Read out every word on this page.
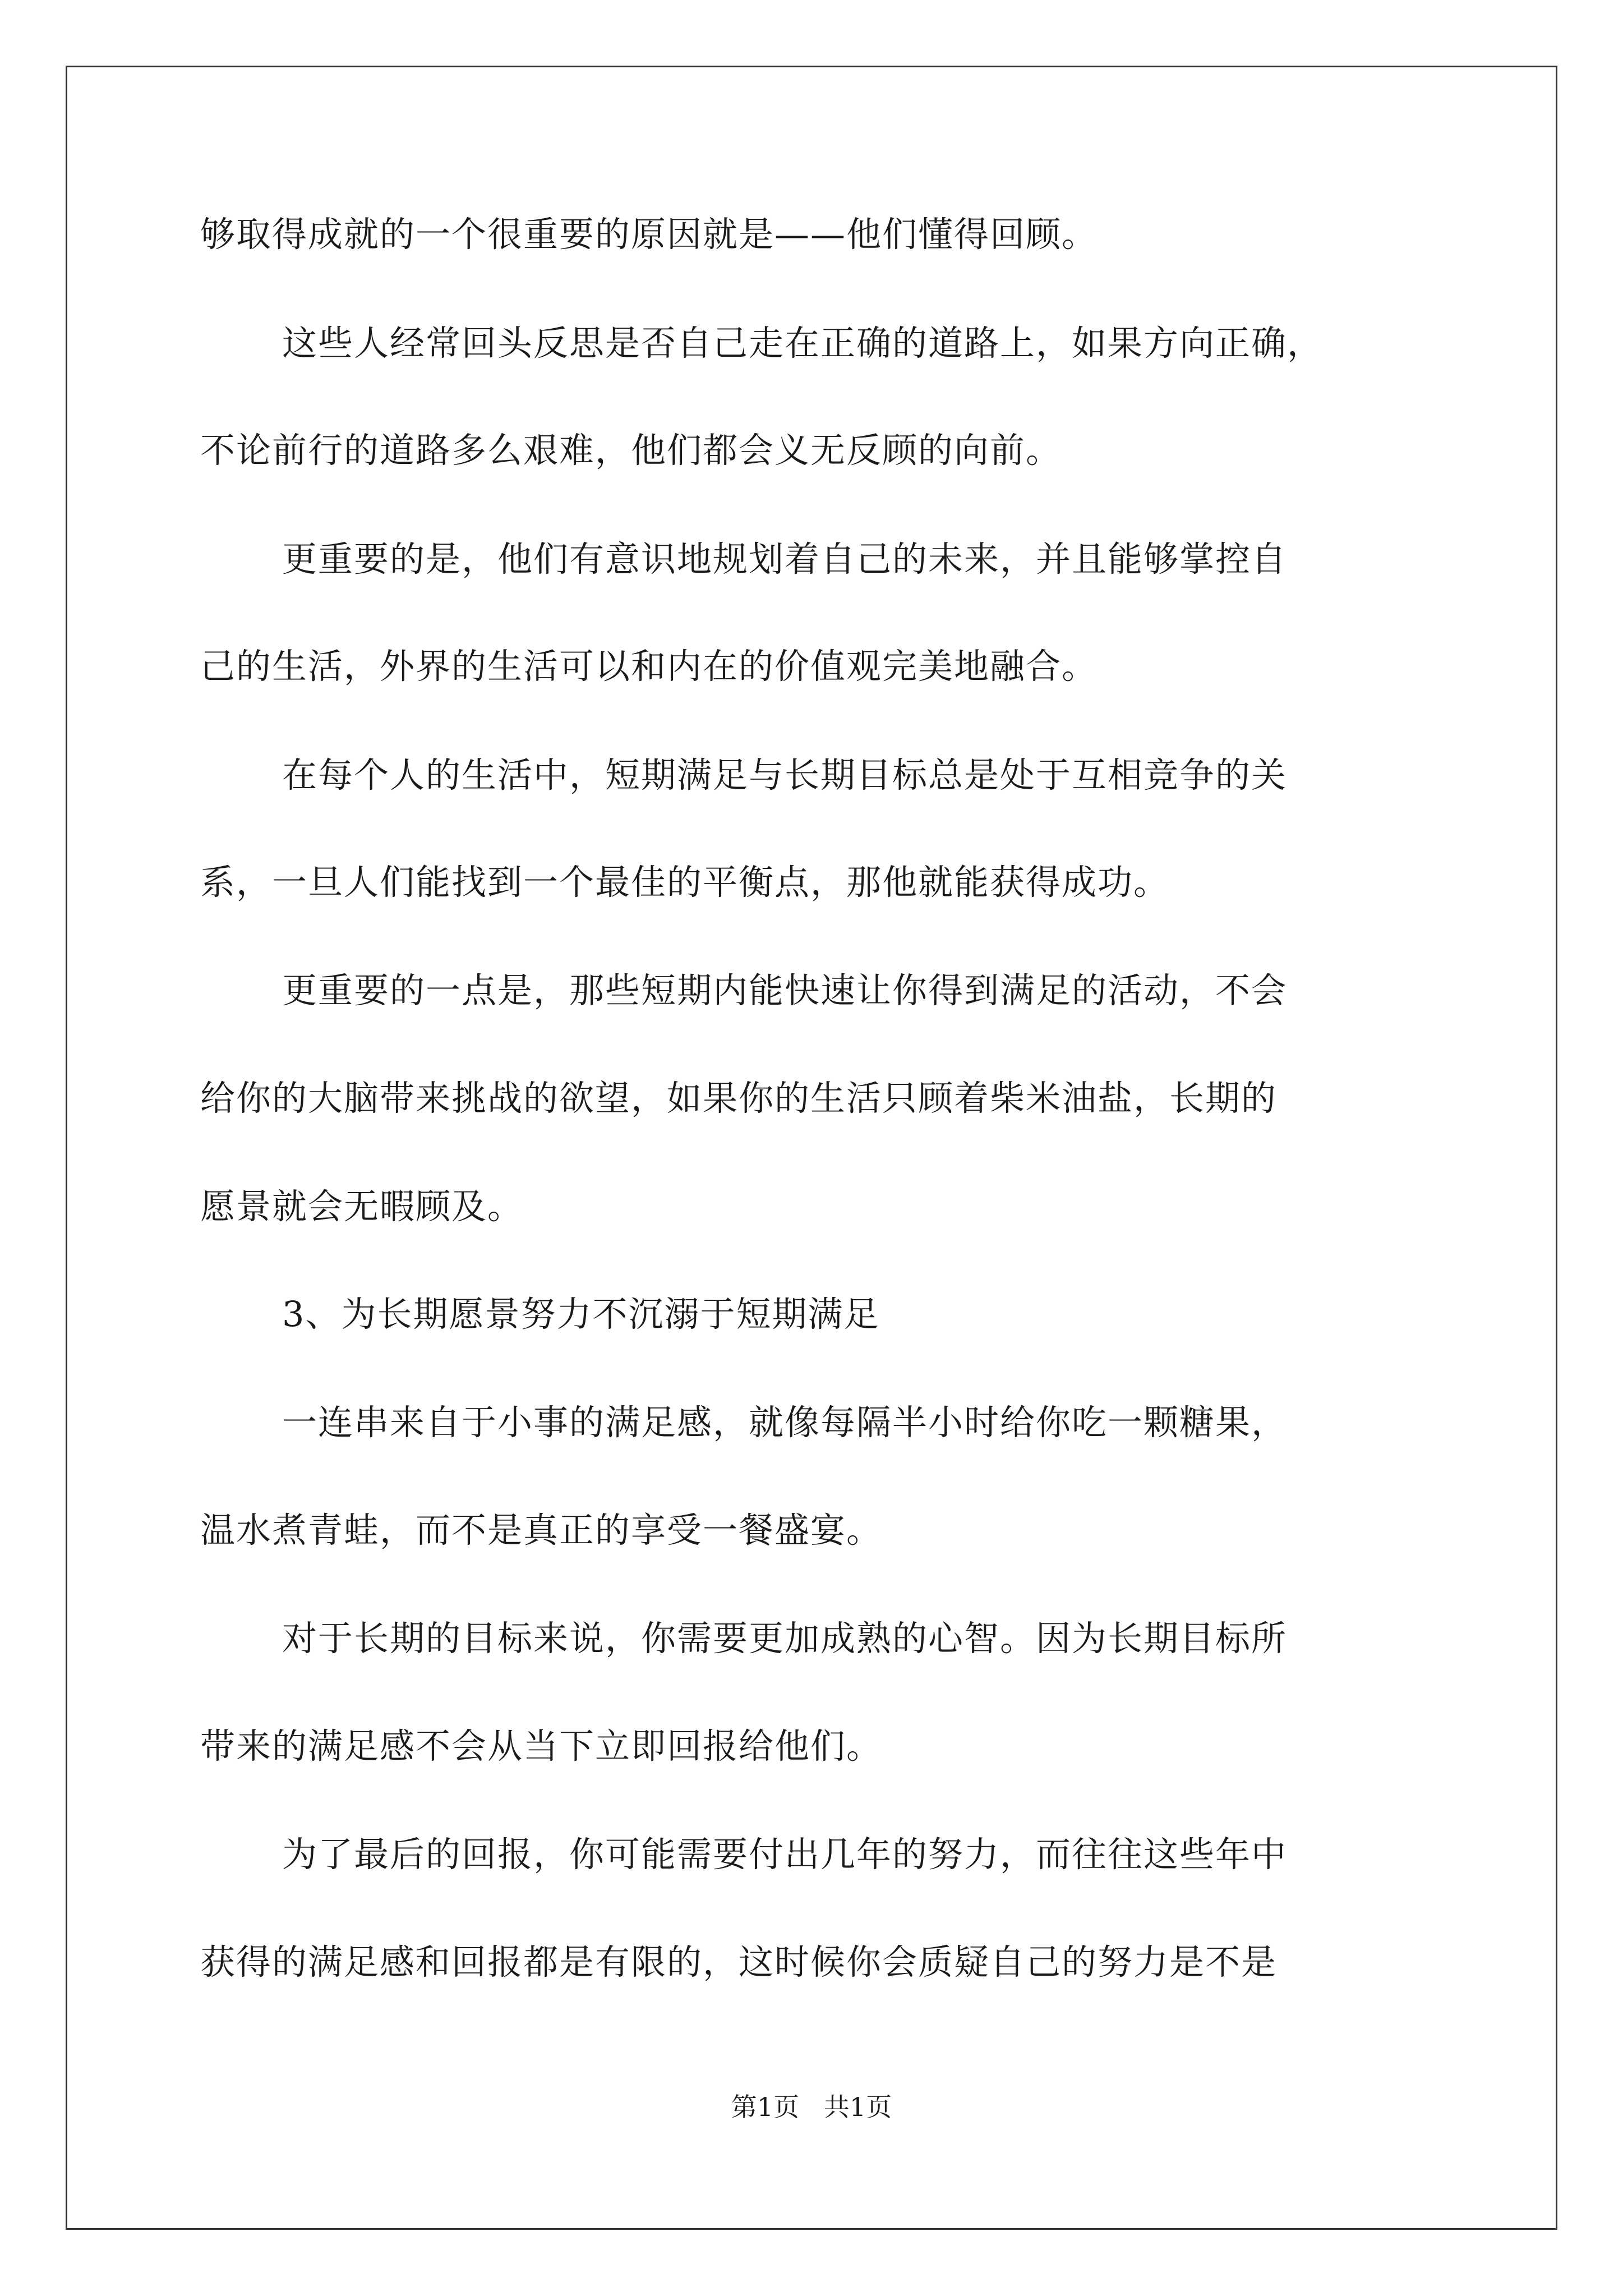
够取得成就的一个很重要的原因就是——他们懂得回顾。
这些人经常回头反思是否自己走在正确的道路上，如果方向正确，
不论前行的道路多么艰难，他们都会义无反顾的向前。
更重要的是，他们有意识地规划着自己的未来，并且能够掌控自
己的生活，外界的生活可以和内在的价值观完美地融合。
在每个人的生活中，短期满足与长期目标总是处于互相竞争的关
系，一旦人们能找到一个最佳的平衡点，那他就能获得成功。
更重要的一点是，那些短期内能快速让你得到满足的活动，不会
给你的大脑带来挑战的欲望，如果你的生活只顾着柴米油盐，长期的
愿景就会无暇顾及。
3、为长期愿景努力不沉溺于短期满足
一连串来自于小事的满足感，就像每隔半小时给你吃一颗糖果，
温水煮青蛙，而不是真正的享受一餐盛宴。
对于长期的目标来说，你需要更加成熟的心智。因为长期目标所
带来的满足感不会从当下立即回报给他们。
为了最后的回报，你可能需要付出几年的努力，而往往这些年中
获得的满足感和回报都是有限的，这时候你会质疑自己的努力是不是
第1页   共1页
